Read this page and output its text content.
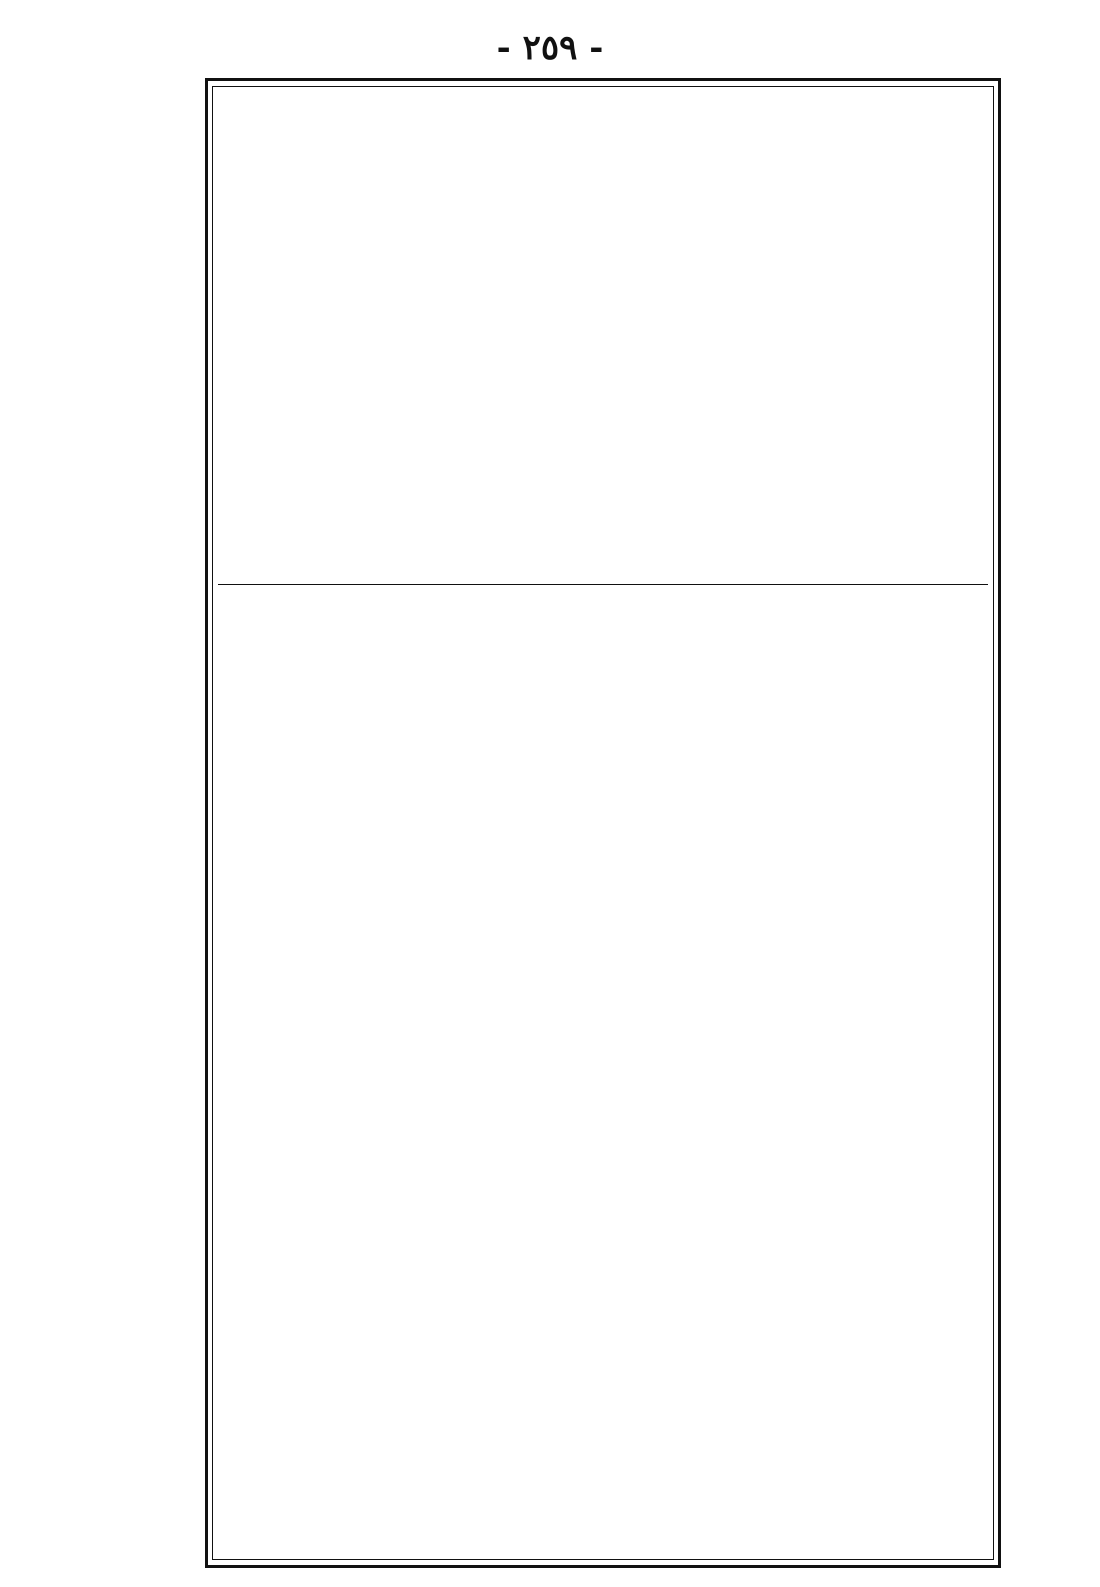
- ٢٥٩ -
